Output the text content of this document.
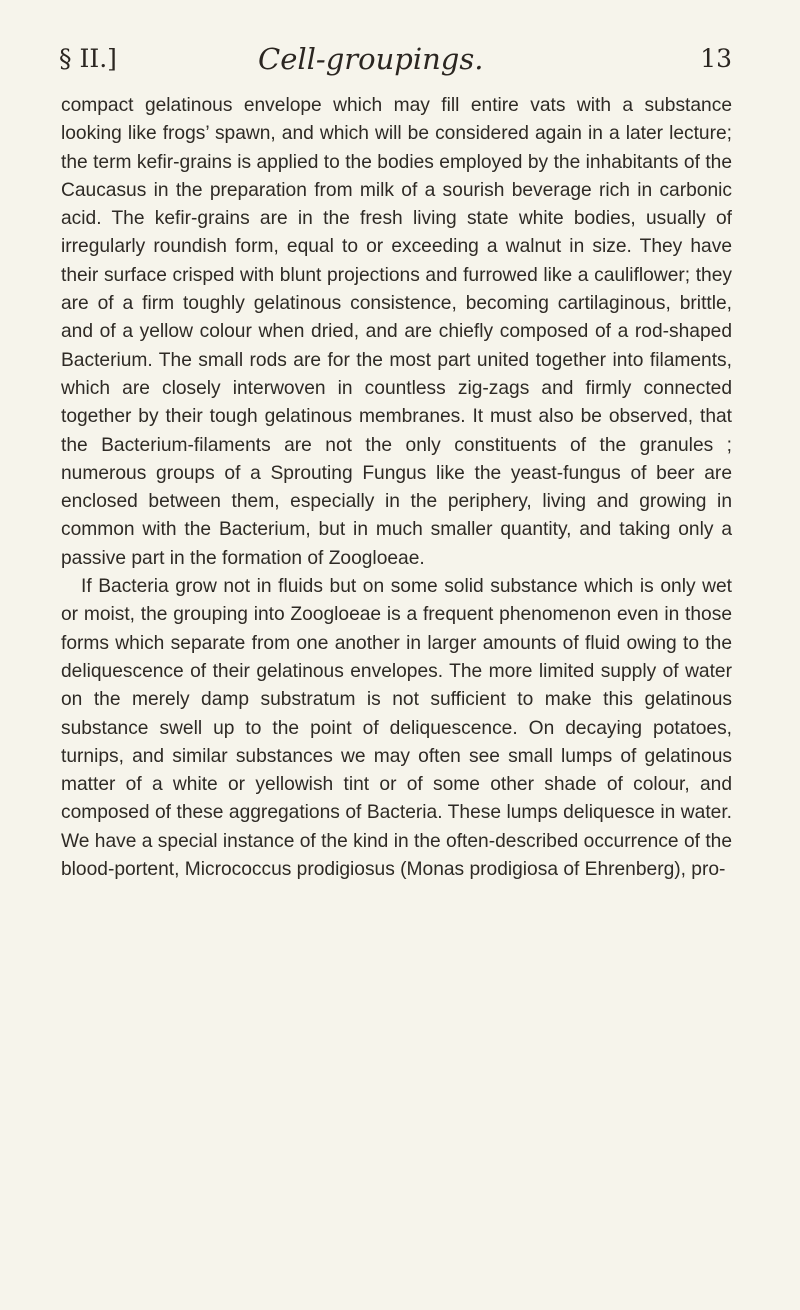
§ II.]	Cell-groupings.	13

compact gelatinous envelope which may fill entire vats with a substance looking like frogs’ spawn, and which will be considered again in a later lecture; the term kefir-grains is applied to the bodies employed by the inhabitants of the Caucasus in the preparation from milk of a sourish beverage rich in carbonic acid. The kefir-grains are in the fresh living state white bodies, usually of irregularly roundish form, equal to or exceeding a walnut in size. They have their surface crisped with blunt projections and furrowed like a cauliflower; they are of a firm toughly gelatinous consistence, becoming cartilaginous, brittle, and of a yellow colour when dried, and are chiefly composed of a rod-shaped Bacterium. The small rods are for the most part united together into filaments, which are closely interwoven in countless zig-zags and firmly connected together by their tough gelatinous membranes. It must also be observed, that the Bacterium-filaments are not the only constituents of the granules ; numerous groups of a Sprouting Fungus like the yeast-fungus of beer are enclosed between them, especially in the periphery, living and growing in common with the Bacterium, but in much smaller quantity, and taking only a passive part in the formation of Zoogloeae.

If Bacteria grow not in fluids but on some solid substance which is only wet or moist, the grouping into Zoogloeae is a frequent phenomenon even in those forms which separate from one another in larger amounts of fluid owing to the deliquescence of their gelatinous envelopes. The more limited supply of water on the merely damp substratum is not sufficient to make this gelatinous substance swell up to the point of deliquescence. On decaying potatoes, turnips, and similar substances we may often see small lumps of gelatinous matter of a white or yellowish tint or of some other shade of colour, and composed of these aggregations of Bacteria. These lumps deliquesce in water. We have a special instance of the kind in the often-described occurrence of the blood-portent, Micrococcus prodigiosus (Monas prodigiosa of Ehrenberg), pro-
